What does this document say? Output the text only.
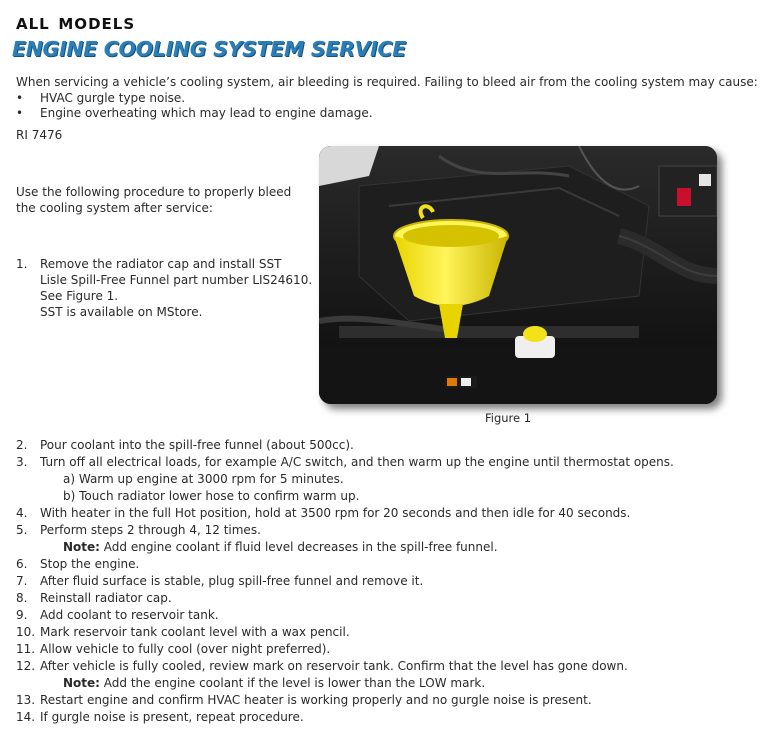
all models
ENGINE COOLING SYSTEM SERVICE
When servicing a vehicle’s cooling system, air bleeding is required. Failing to bleed air from the cooling system may cause:
• HVAC gurgle type noise.
• Engine overheating which may lead to engine damage.
RI 7476
Use the following procedure to properly bleed
the cooling system after service:
1. Remove the radiator cap and install SST
Lisle Spill-Free Funnel part number LIS24610.
See Figure 1.
SST is available on MStore.
Figure 1
2. Pour coolant into the spill-free funnel (about 500cc).
3. Turn off all electrical loads, for example A/C switch, and then warm up the engine until thermostat opens.
a) Warm up engine at 3000 rpm for 5 minutes.
b) Touch radiator lower hose to confirm warm up.
4. With heater in the full Hot position, hold at 3500 rpm for 20 seconds and then idle for 40 seconds.
5. Perform steps 2 through 4, 12 times.
Note: Add engine coolant if fluid level decreases in the spill-free funnel.
6. Stop the engine.
7. After fluid surface is stable, plug spill-free funnel and remove it.
8. Reinstall radiator cap.
9. Add coolant to reservoir tank.
10. Mark reservoir tank coolant level with a wax pencil.
11. Allow vehicle to fully cool (over night preferred).
12. After vehicle is fully cooled, review mark on reservoir tank. Confirm that the level has gone down.
Note: Add the engine coolant if the level is lower than the LOW mark.
13. Restart engine and confirm HVAC heater is working properly and no gurgle noise is present.
14. If gurgle noise is present, repeat procedure.
